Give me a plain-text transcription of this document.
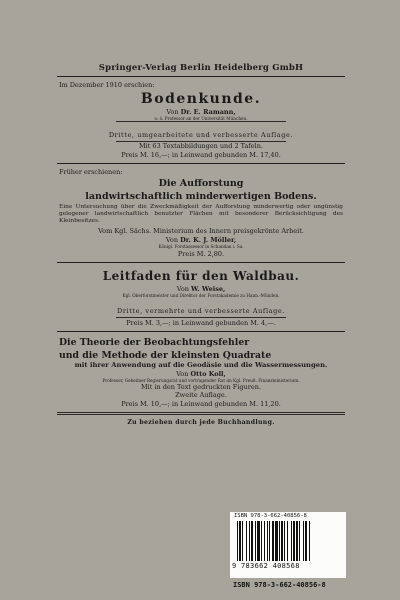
Springer-Verlag Berlin Heidelberg GmbH
Im Dezember 1910 erschien:
Bodenkunde.
Von Dr. E. Ramann,
o. ö. Professor an der Universität München.
Dritte, umgearbeitete und verbesserte Auflage.
Mit 63 Textabbildungen und 2 Tafeln.
Preis M. 16,—; in Leinwand gebunden M. 17,40.
Früher erschienen:
Die Aufforstung
landwirtschaftlich minderwertigen Bodens.
Eine Untersuchung über die Zweckmäßigkeit der Aufforstung minderwertig oder ungünstig gelegener landwirtschaftlich benutzter Flächen mit besonderer Berücksichtigung des Kleinbesitzes.
Vom Kgl. Sächs. Ministerium des Innern preisgekrönte Arbeit.
Von Dr. K. J. Möller,
Königl. Forstassessor in Schandau i. Sa.
Preis M. 2,80.
Leitfaden für den Waldbau.
Von W. Weise,
Kgl. Oberforstmeister und Direktor der Forstakademie zu Hann.-Münden.
Dritte, vermehrte und verbesserte Auflage.
Preis M. 3,—; in Leinwand gebunden M. 4,—.
Die Theorie der Beobachtungsfehler
und die Methode der kleinsten Quadrate
mit ihrer Anwendung auf die Geodäsie und die Wassermessungen.
Von Otto Koll,
Professor, Geheimer Regierungsrat und vortragender Rat im Kgl. Preuß. Finanzministerium.
Mit in den Text gedruckten Figuren.
Zweite Auflage.
Preis M. 10,—; in Leinwand gebunden M. 11,20.
Zu beziehen durch jede Buchhandlung.
ISBN 978-3-662-40856-8
9 783662 408568
ISBN 978-3-662-40856-8
